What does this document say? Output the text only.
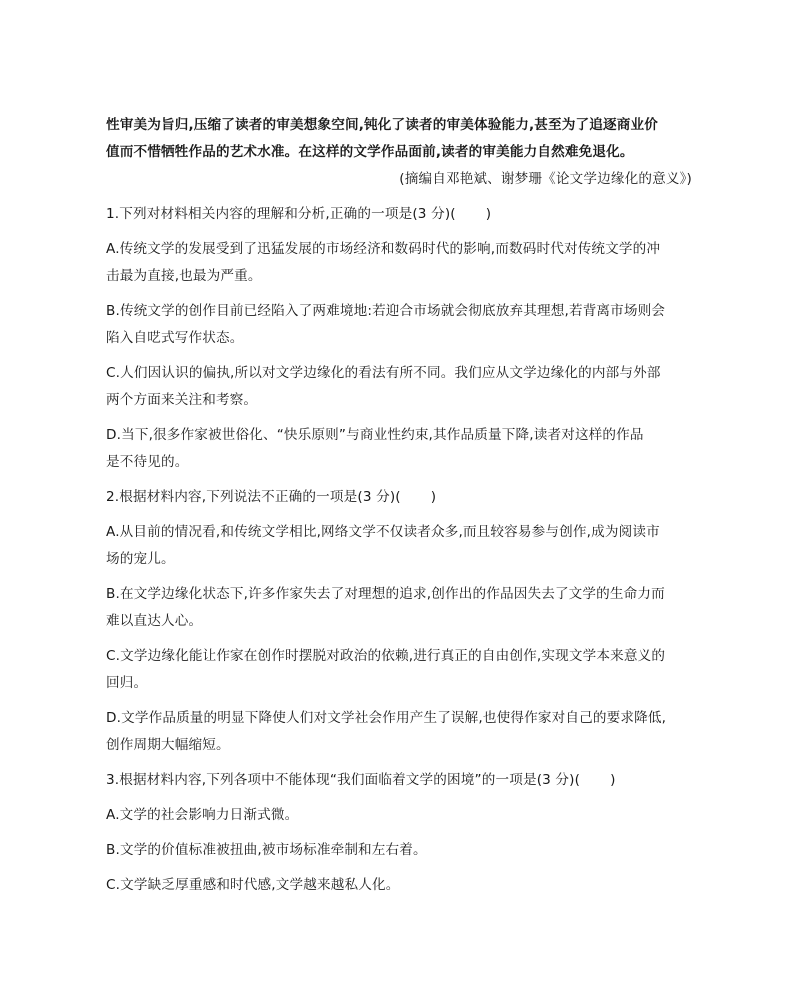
性审美为旨归,压缩了读者的审美想象空间,钝化了读者的审美体验能力,甚至为了追逐商业价
值而不惜牺牲作品的艺术水准。在这样的文学作品面前,读者的审美能力自然难免退化。
(摘编自邓艳斌、谢梦珊《论文学边缘化的意义》)
1.下列对材料相关内容的理解和分析,正确的一项是(3 分)( )
A.传统文学的发展受到了迅猛发展的市场经济和数码时代的影响,而数码时代对传统文学的冲
击最为直接,也最为严重。
B.传统文学的创作目前已经陷入了两难境地:若迎合市场就会彻底放弃其理想,若背离市场则会
陷入自呓式写作状态。
C.人们因认识的偏执,所以对文学边缘化的看法有所不同。我们应从文学边缘化的内部与外部
两个方面来关注和考察。
D.当下,很多作家被世俗化、“快乐原则”与商业性约束,其作品质量下降,读者对这样的作品
是不待见的。
2.根据材料内容,下列说法不正确的一项是(3 分)( )
A.从目前的情况看,和传统文学相比,网络文学不仅读者众多,而且较容易参与创作,成为阅读市
场的宠儿。
B.在文学边缘化状态下,许多作家失去了对理想的追求,创作出的作品因失去了文学的生命力而
难以直达人心。
C.文学边缘化能让作家在创作时摆脱对政治的依赖,进行真正的自由创作,实现文学本来意义的
回归。
D.文学作品质量的明显下降使人们对文学社会作用产生了误解,也使得作家对自己的要求降低,
创作周期大幅缩短。
3.根据材料内容,下列各项中不能体现“我们面临着文学的困境”的一项是(3 分)( )
A.文学的社会影响力日渐式微。
B.文学的价值标准被扭曲,被市场标准牵制和左右着。
C.文学缺乏厚重感和时代感,文学越来越私人化。
